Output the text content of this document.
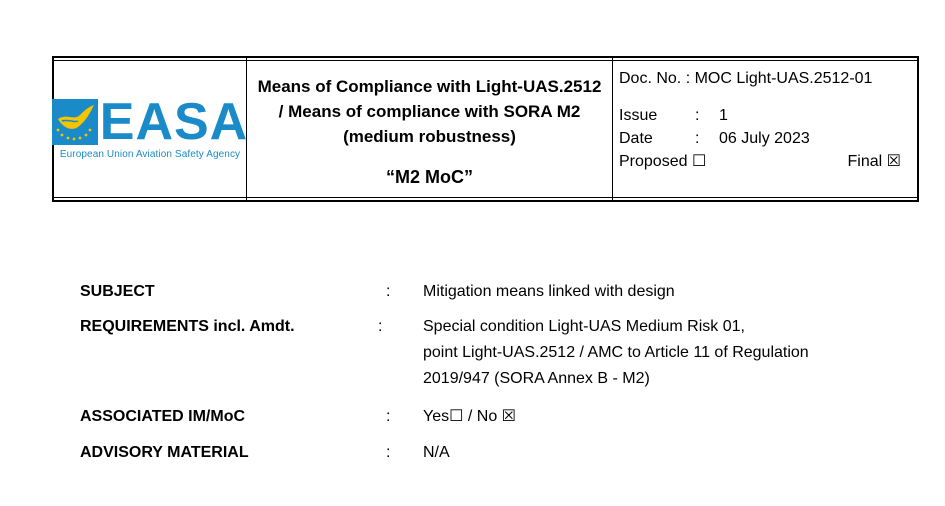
EASA
European Union Aviation Safety Agency
Means of Compliance with Light-UAS.2512
/ Means of compliance with SORA M2
(medium robustness)
“M2 MoC”
Doc. No. : MOC Light-UAS.2512-01
Issue	:	1
Date	:	06 July 2023
Proposed ☐	Final ☒
SUBJECT	: Mitigation means linked with design
REQUIREMENTS incl. Amdt.	:	Special condition Light-UAS Medium Risk 01,
point Light-UAS.2512 / AMC to Article 11 of Regulation
2019/947 (SORA Annex B - M2)
ASSOCIATED IM/MoC	: Yes☐ / No ☒
ADVISORY MATERIAL	: N/A
